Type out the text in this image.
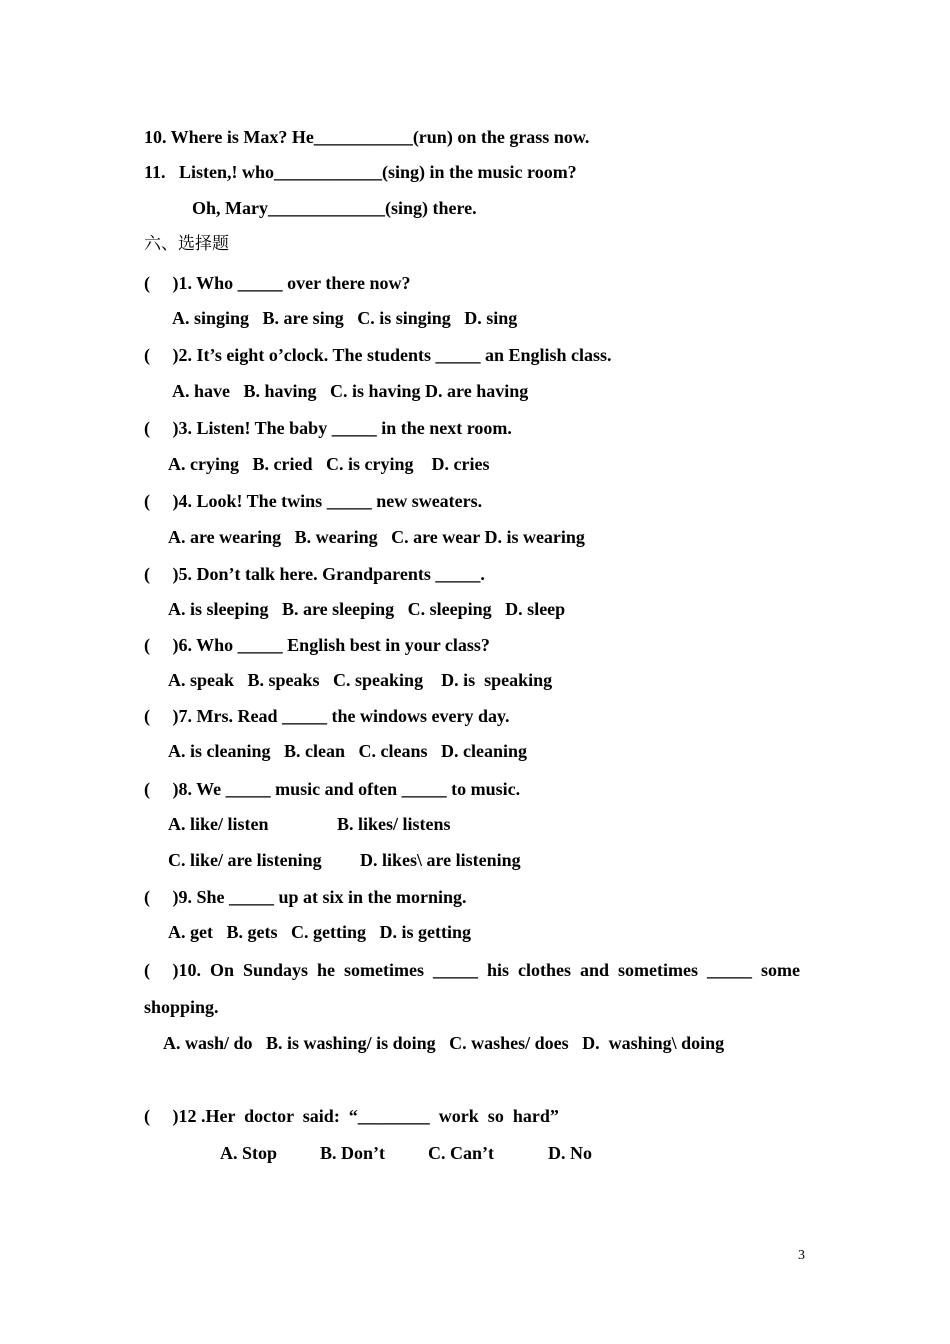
10. Where is Max? He___________(run) on the grass now.
11.   Listen,! who____________(sing) in the music room?
Oh, Mary_____________(sing) there.
六、选择题
(     )1. Who _____ over there now?
A. singing   B. are sing   C. is singing   D. sing
(     )2. It’s eight o’clock. The students _____ an English class.
A. have   B. having   C. is having D. are having
(     )3. Listen! The baby _____ in the next room.
A. crying   B. cried   C. is crying    D. cries
(     )4. Look! The twins _____ new sweaters.
A. are wearing   B. wearing   C. are wear D. is wearing
(     )5. Don’t talk here. Grandparents _____.
A. is sleeping   B. are sleeping   C. sleeping   D. sleep
(     )6. Who _____ English best in your class?
A. speak   B. speaks   C. speaking    D. is  speaking
(     )7. Mrs. Read _____ the windows every day.
A. is cleaning   B. clean   C. cleans   D. cleaning
(     )8. We _____ music and often _____ to music.
A. like/ listen	B. likes/ listens
C. like/ are listening D. likes\ are listening
(     )9. She _____ up at six in the morning.
A. get   B. gets   C. getting   D. is getting
(     )10.  On  Sundays  he  sometimes  _____  his  clothes  and  sometimes  _____  some
shopping.
A. wash/ do   B. is washing/ is doing   C. washes/ does   D.  washing\ doing
(     )12 .Her  doctor  said:  “________  work  so  hard”
A. Stop B. Don’t C. Can’t	D. No
3
